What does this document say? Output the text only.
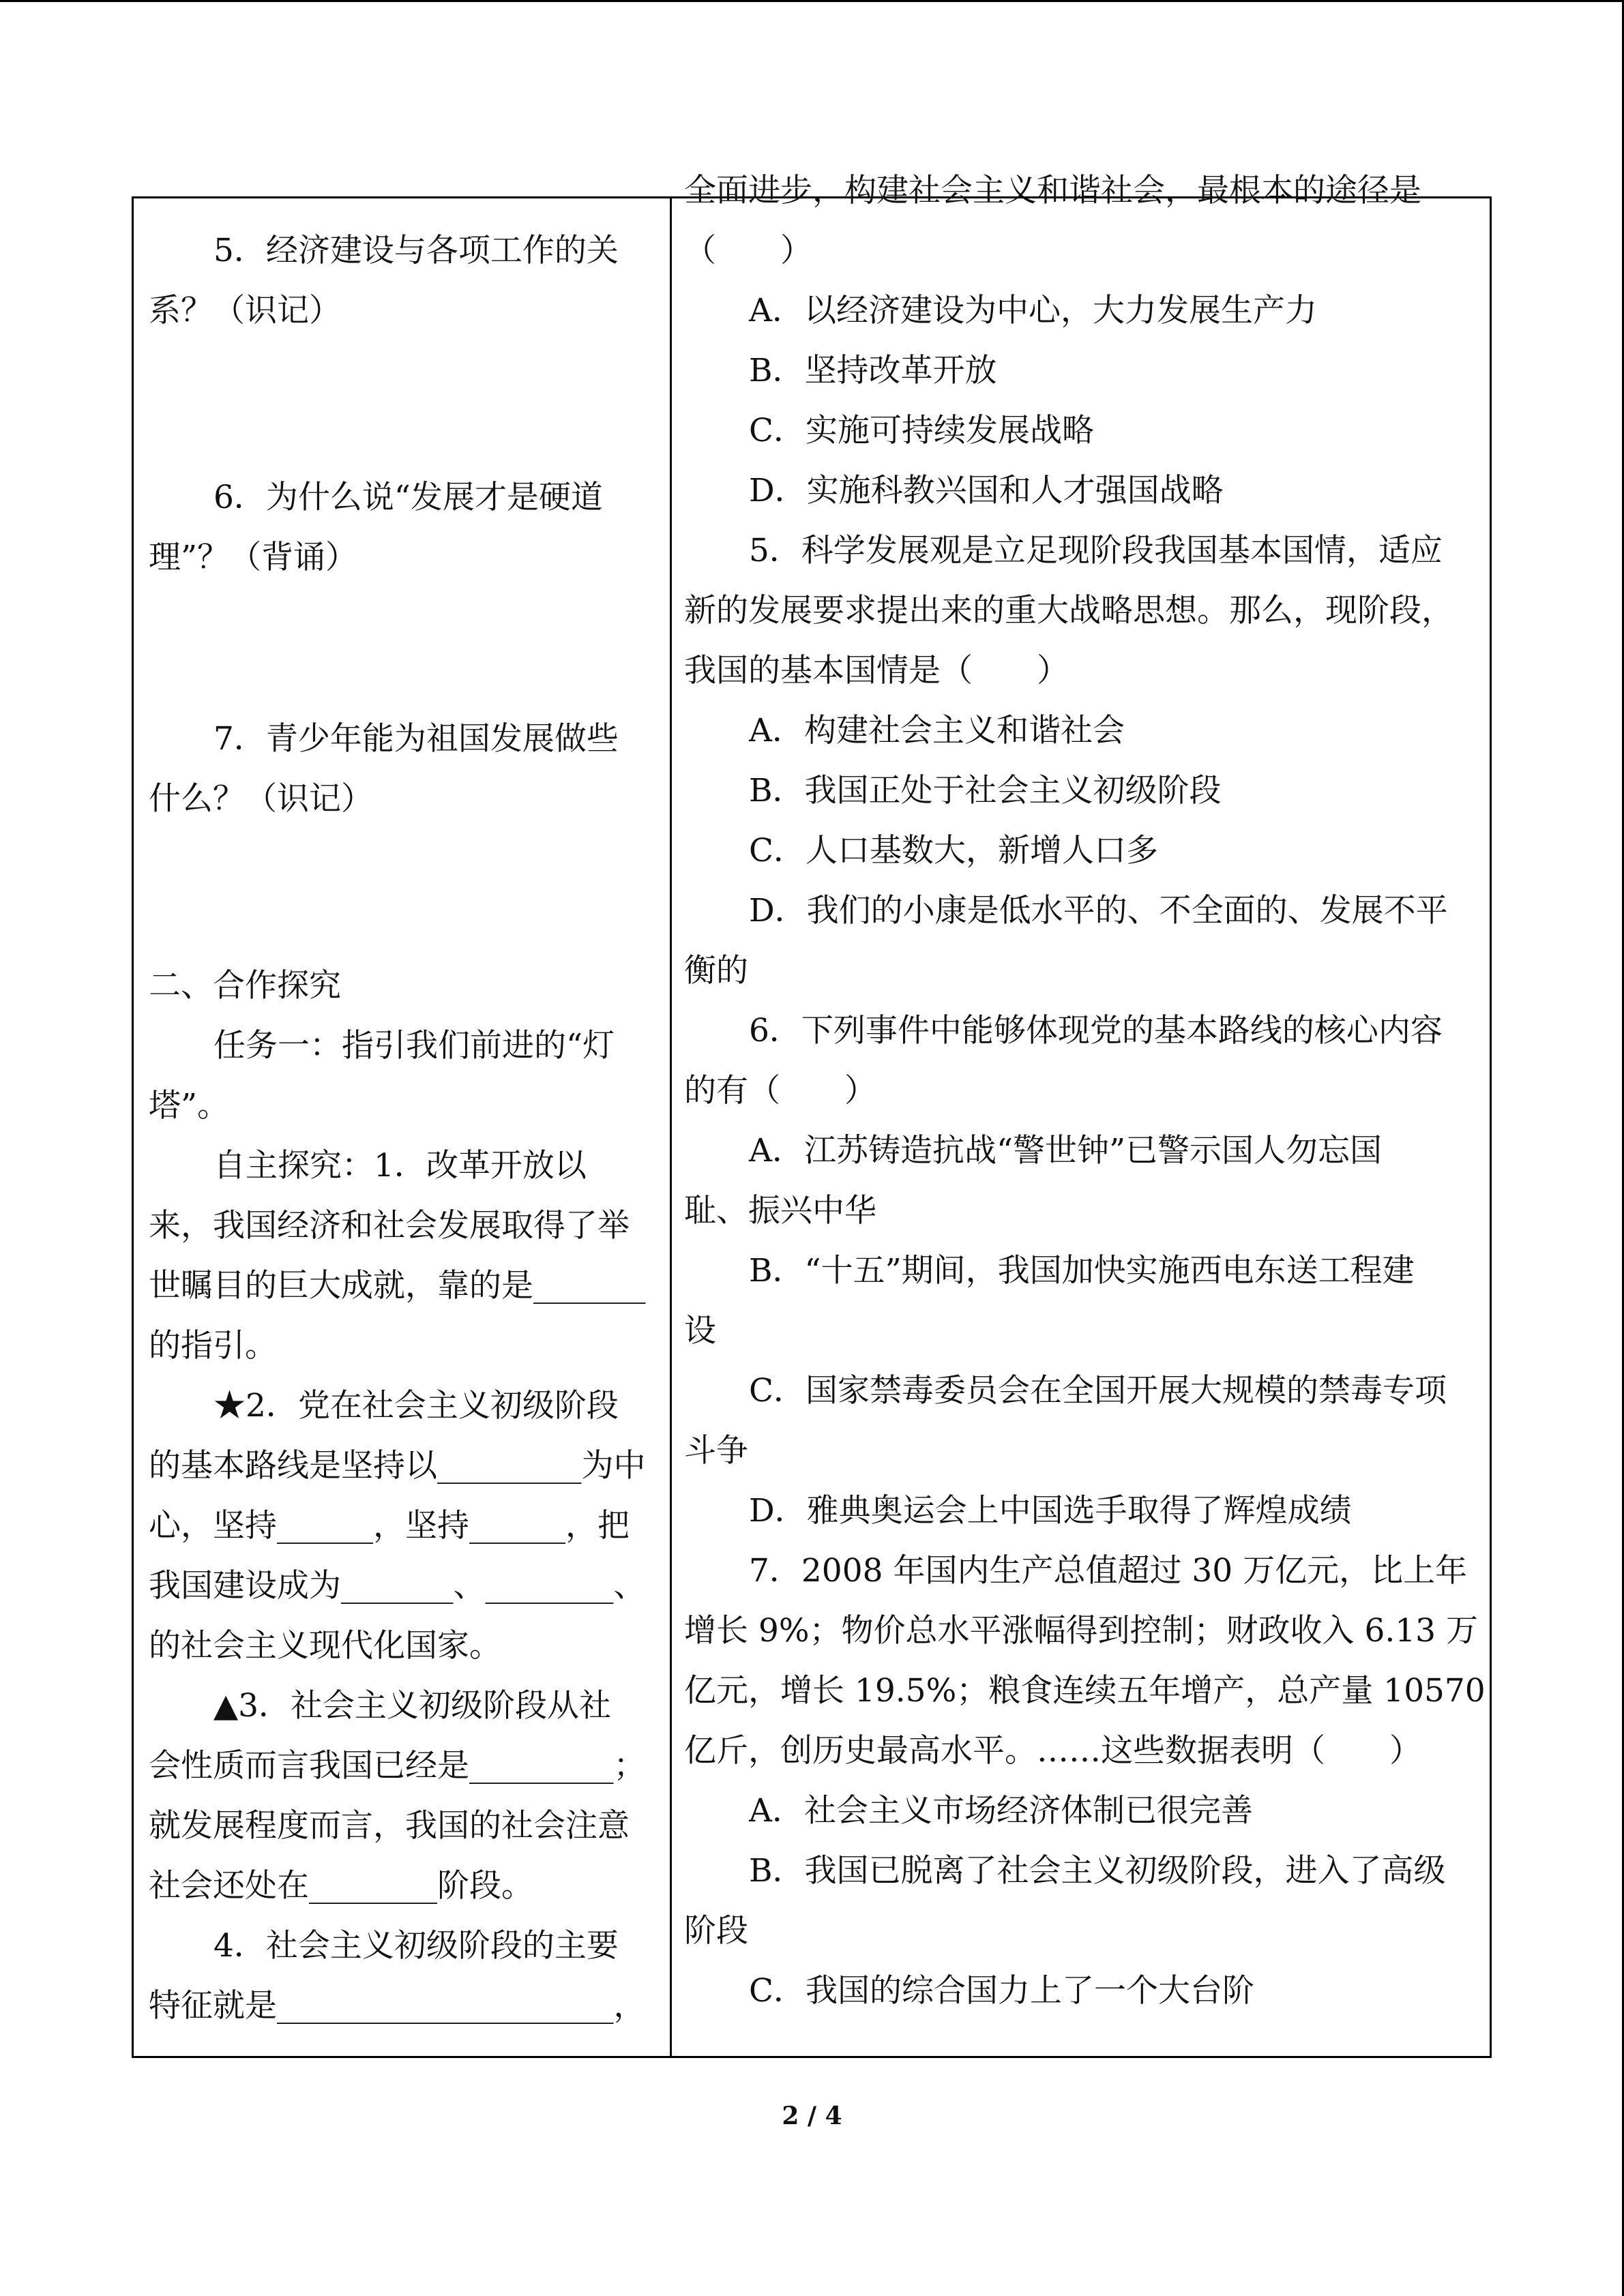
5．经济建设与各项工作的关
系？（识记）
6．为什么说“发展才是硬道
理”？（背诵）
7．青少年能为祖国发展做些
什么？（识记）
二、合作探究
任务一：指引我们前进的“灯
塔”。
自主探究：1．改革开放以
来，我国经济和社会发展取得了举
世瞩目的巨大成就，靠的是_______
的指引。
★2．党在社会主义初级阶段
的基本路线是坚持以_________为中
心，坚持______，坚持______，把
我国建设成为_______、________、
的社会主义现代化国家。
▲3．社会主义初级阶段从社
会性质而言我国已经是_________；
就发展程度而言，我国的社会注意
社会还处在________阶段。
4．社会主义初级阶段的主要
特征就是_____________________，
全面进步，构建社会主义和谐社会，最根本的途径是
（　　）
A．以经济建设为中心，大力发展生产力
B．坚持改革开放
C．实施可持续发展战略
D．实施科教兴国和人才强国战略
5．科学发展观是立足现阶段我国基本国情，适应
新的发展要求提出来的重大战略思想。那么，现阶段，
我国的基本国情是（　　）
A．构建社会主义和谐社会
B．我国正处于社会主义初级阶段
C．人口基数大，新增人口多
D．我们的小康是低水平的、不全面的、发展不平
衡的
6．下列事件中能够体现党的基本路线的核心内容
的有（　　）
A．江苏铸造抗战“警世钟”已警示国人勿忘国
耻、振兴中华
B．“十五”期间，我国加快实施西电东送工程建
设
C．国家禁毒委员会在全国开展大规模的禁毒专项
斗争
D．雅典奥运会上中国选手取得了辉煌成绩
7．2008 年国内生产总值超过 30 万亿元，比上年
增长 9%；物价总水平涨幅得到控制；财政收入 6.13 万
亿元，增长 19.5%；粮食连续五年增产，总产量 10570
亿斤，创历史最高水平。……这些数据表明（　　）
A．社会主义市场经济体制已很完善
B．我国已脱离了社会主义初级阶段，进入了高级
阶段
C．我国的综合国力上了一个大台阶
2 / 4
